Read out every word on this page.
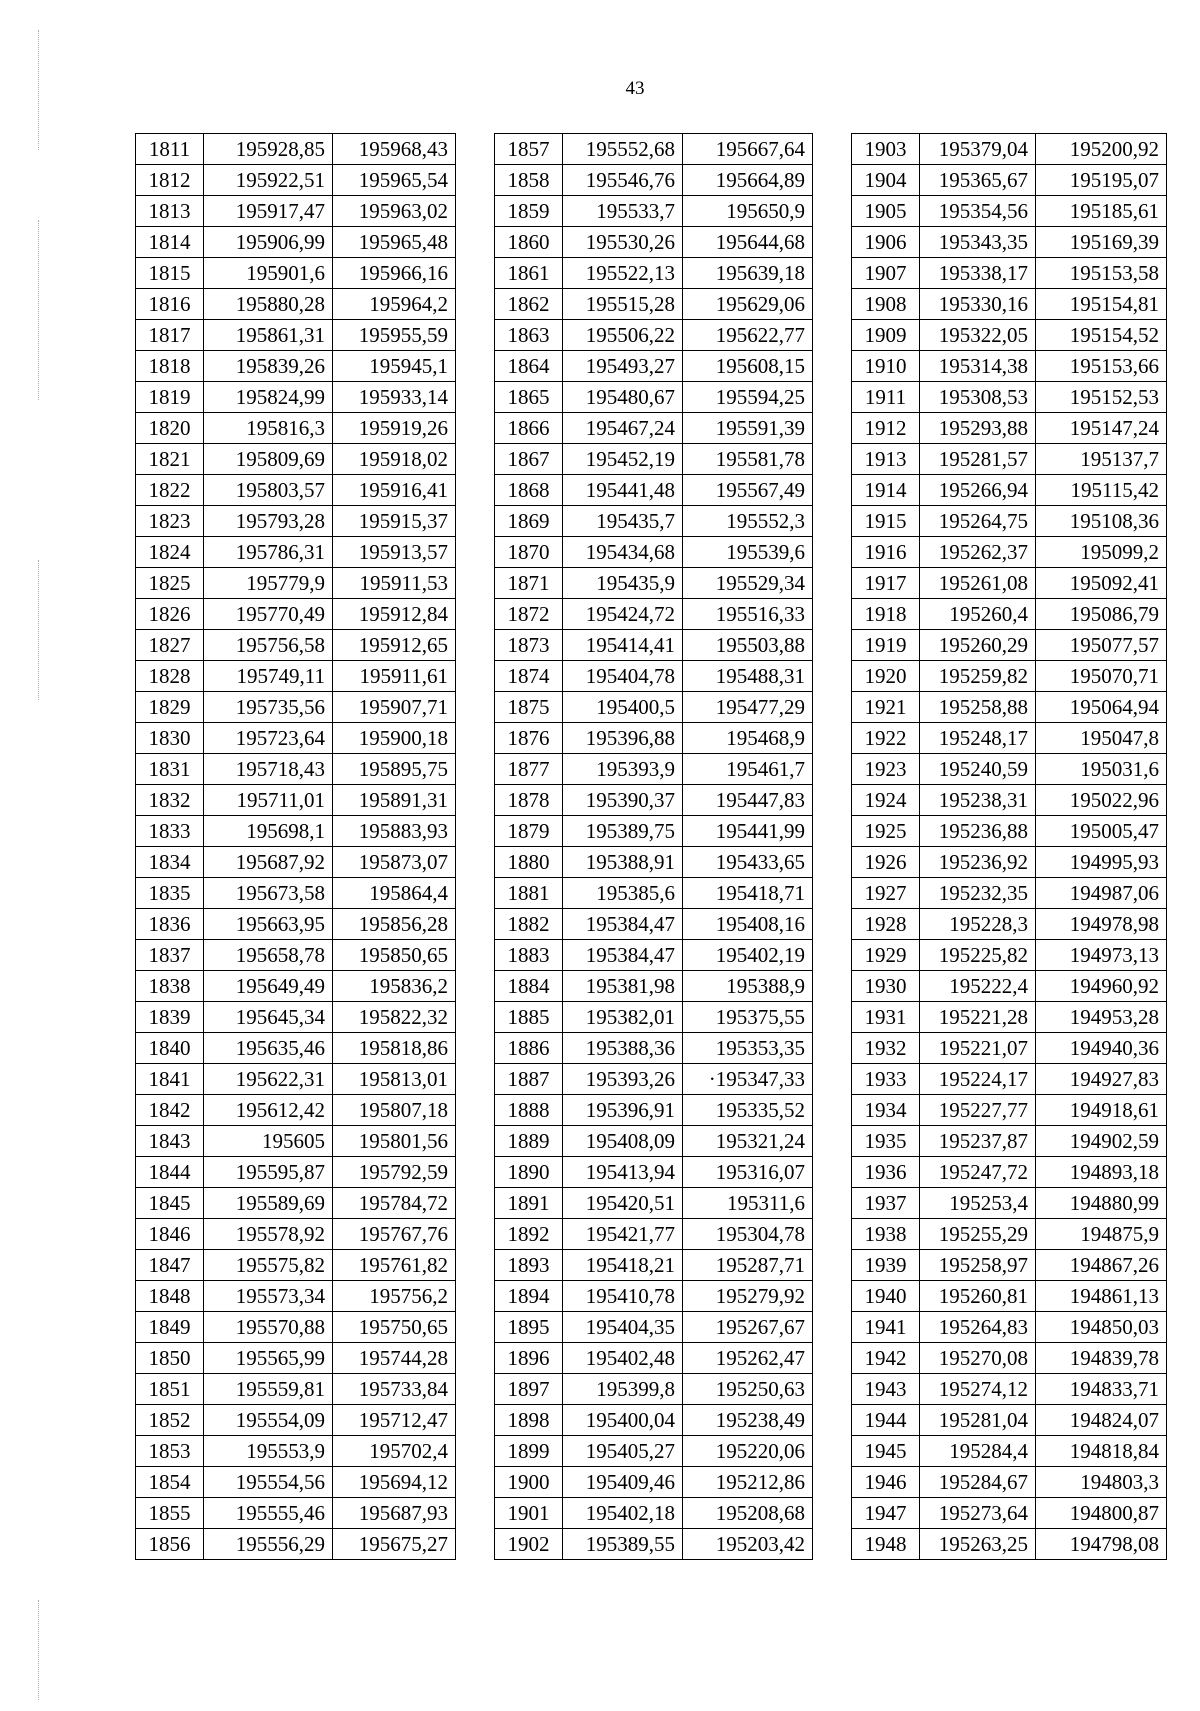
43
1811	195928,85	195968,43
1812	195922,51	195965,54
1813	195917,47	195963,02
1814	195906,99	195965,48
1815	195901,6	195966,16
1816	195880,28	195964,2
1817	195861,31	195955,59
1818	195839,26	195945,1
1819	195824,99	195933,14
1820	195816,3	195919,26
1821	195809,69	195918,02
1822	195803,57	195916,41
1823	195793,28	195915,37
1824	195786,31	195913,57
1825	195779,9	195911,53
1826	195770,49	195912,84
1827	195756,58	195912,65
1828	195749,11	195911,61
1829	195735,56	195907,71
1830	195723,64	195900,18
1831	195718,43	195895,75
1832	195711,01	195891,31
1833	195698,1	195883,93
1834	195687,92	195873,07
1835	195673,58	195864,4
1836	195663,95	195856,28
1837	195658,78	195850,65
1838	195649,49	195836,2
1839	195645,34	195822,32
1840	195635,46	195818,86
1841	195622,31	195813,01
1842	195612,42	195807,18
1843	195605	195801,56
1844	195595,87	195792,59
1845	195589,69	195784,72
1846	195578,92	195767,76
1847	195575,82	195761,82
1848	195573,34	195756,2
1849	195570,88	195750,65
1850	195565,99	195744,28
1851	195559,81	195733,84
1852	195554,09	195712,47
1853	195553,9	195702,4
1854	195554,56	195694,12
1855	195555,46	195687,93
1856	195556,29	195675,27
1857	195552,68	195667,64
1858	195546,76	195664,89
1859	195533,7	195650,9
1860	195530,26	195644,68
1861	195522,13	195639,18
1862	195515,28	195629,06
1863	195506,22	195622,77
1864	195493,27	195608,15
1865	195480,67	195594,25
1866	195467,24	195591,39
1867	195452,19	195581,78
1868	195441,48	195567,49
1869	195435,7	195552,3
1870	195434,68	195539,6
1871	195435,9	195529,34
1872	195424,72	195516,33
1873	195414,41	195503,88
1874	195404,78	195488,31
1875	195400,5	195477,29
1876	195396,88	195468,9
1877	195393,9	195461,7
1878	195390,37	195447,83
1879	195389,75	195441,99
1880	195388,91	195433,65
1881	195385,6	195418,71
1882	195384,47	195408,16
1883	195384,47	195402,19
1884	195381,98	195388,9
1885	195382,01	195375,55
1886	195388,36	195353,35
1887	195393,26	·195347,33
1888	195396,91	195335,52
1889	195408,09	195321,24
1890	195413,94	195316,07
1891	195420,51	195311,6
1892	195421,77	195304,78
1893	195418,21	195287,71
1894	195410,78	195279,92
1895	195404,35	195267,67
1896	195402,48	195262,47
1897	195399,8	195250,63
1898	195400,04	195238,49
1899	195405,27	195220,06
1900	195409,46	195212,86
1901	195402,18	195208,68
1902	195389,55	195203,42
1903	195379,04	195200,92
1904	195365,67	195195,07
1905	195354,56	195185,61
1906	195343,35	195169,39
1907	195338,17	195153,58
1908	195330,16	195154,81
1909	195322,05	195154,52
1910	195314,38	195153,66
1911	195308,53	195152,53
1912	195293,88	195147,24
1913	195281,57	195137,7
1914	195266,94	195115,42
1915	195264,75	195108,36
1916	195262,37	195099,2
1917	195261,08	195092,41
1918	195260,4	195086,79
1919	195260,29	195077,57
1920	195259,82	195070,71
1921	195258,88	195064,94
1922	195248,17	195047,8
1923	195240,59	195031,6
1924	195238,31	195022,96
1925	195236,88	195005,47
1926	195236,92	194995,93
1927	195232,35	194987,06
1928	195228,3	194978,98
1929	195225,82	194973,13
1930	195222,4	194960,92
1931	195221,28	194953,28
1932	195221,07	194940,36
1933	195224,17	194927,83
1934	195227,77	194918,61
1935	195237,87	194902,59
1936	195247,72	194893,18
1937	195253,4	194880,99
1938	195255,29	194875,9
1939	195258,97	194867,26
1940	195260,81	194861,13
1941	195264,83	194850,03
1942	195270,08	194839,78
1943	195274,12	194833,71
1944	195281,04	194824,07
1945	195284,4	194818,84
1946	195284,67	194803,3
1947	195273,64	194800,87
1948	195263,25	194798,08
